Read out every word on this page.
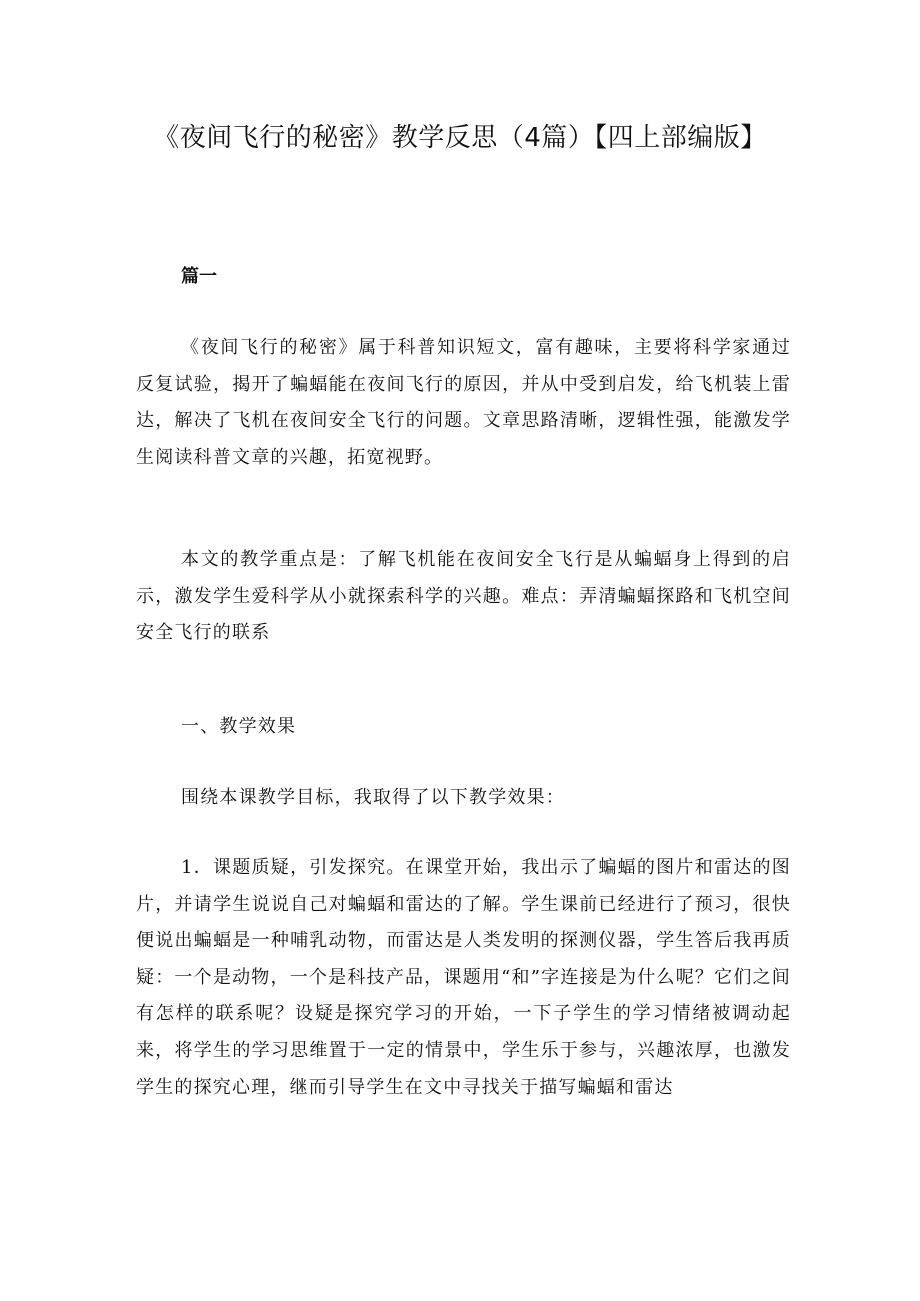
《夜间飞行的秘密》教学反思（4篇）【四上部编版】
篇一

《夜间飞行的秘密》属于科普知识短文，富有趣味，主要将科学家通过反复试验，揭开了蝙蝠能在夜间飞行的原因，并从中受到启发，给飞机装上雷达，解决了飞机在夜间安全飞行的问题。文章思路清晰，逻辑性强，能激发学生阅读科普文章的兴趣，拓宽视野。

本文的教学重点是：了解飞机能在夜间安全飞行是从蝙蝠身上得到的启示，激发学生爱科学从小就探索科学的兴趣。难点：弄清蝙蝠探路和飞机空间安全飞行的联系

一、教学效果

围绕本课教学目标，我取得了以下教学效果：

1．课题质疑，引发探究。在课堂开始，我出示了蝙蝠的图片和雷达的图片，并请学生说说自己对蝙蝠和雷达的了解。学生课前已经进行了预习，很快便说出蝙蝠是一种哺乳动物，而雷达是人类发明的探测仪器，学生答后我再质疑：一个是动物，一个是科技产品，课题用“和”字连接是为什么呢？它们之间有怎样的联系呢？设疑是探究学习的开始，一下子学生的学习情绪被调动起来，将学生的学习思维置于一定的情景中，学生乐于参与，兴趣浓厚，也激发学生的探究心理，继而引导学生在文中寻找关于描写蝙蝠和雷达
